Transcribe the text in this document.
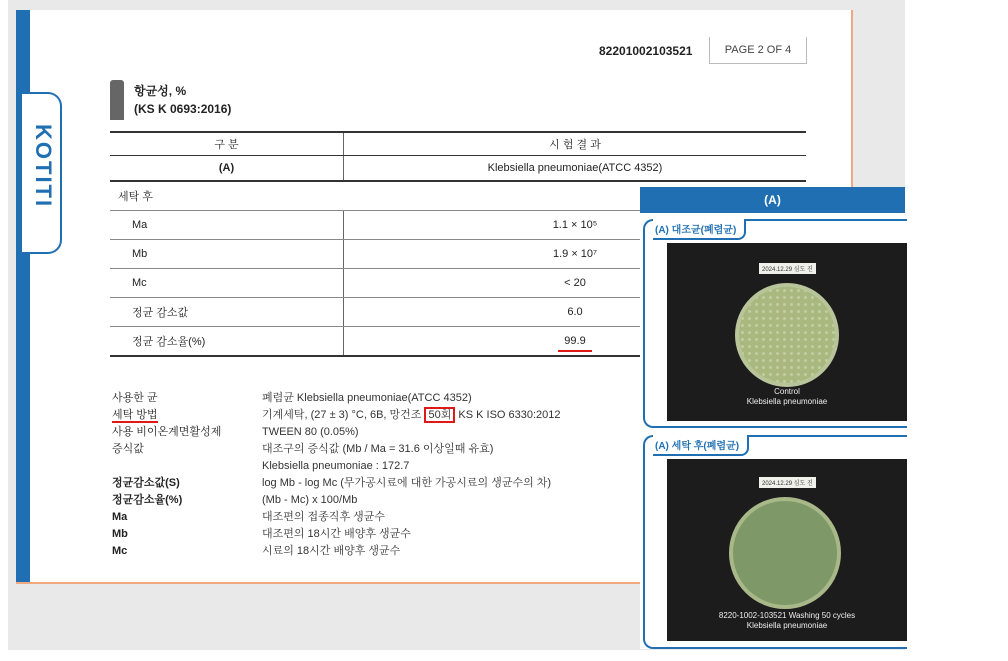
KOTITI
82201002103521	PAGE 2 OF 4
항균성, %
(KS K 0693:2016)
구 분	시 험 결 과
(A)	Klebsiella pneumoniae(ATCC 4352)
세탁 후	
Ma	1.1 × 10⁵
Mb	1.9 × 10⁷
Mc	< 20
정균 감소값	6.0
정균 감소율(%)	99.9
사용한 균	폐렴균 Klebsiella pneumoniae(ATCC 4352)
세탁 방법	기계세탁, (27 ± 3) °C, 6B, 망건조 50회 KS K ISO 6330:2012
사용 비이온계면활성제	TWEEN 80 (0.05%)
증식값	대조구의 증식값 (Mb / Ma = 31.6 이상일때 유효)
Klebsiella pneumoniae : 172.7
정균감소값(S)	log Mb - log Mc (무가공시료에 대한 가공시료의 생균수의 차)
정균감소율(%)	(Mb - Mc) x 100/Mb
Ma	대조편의 접종직후 생균수
Mb	대조편의 18시간 배양후 생균수
Mc	시료의 18시간 배양후 생균수
(A)
(A) 대조균(폐렴균)
2024.12.29 심도 진
Control
Klebsiella pneumoniae
(A) 세탁 후(폐렴균)
2024.12.29 심도 진
8220-1002-103521 Washing 50 cycles
Klebsiella pneumoniae
